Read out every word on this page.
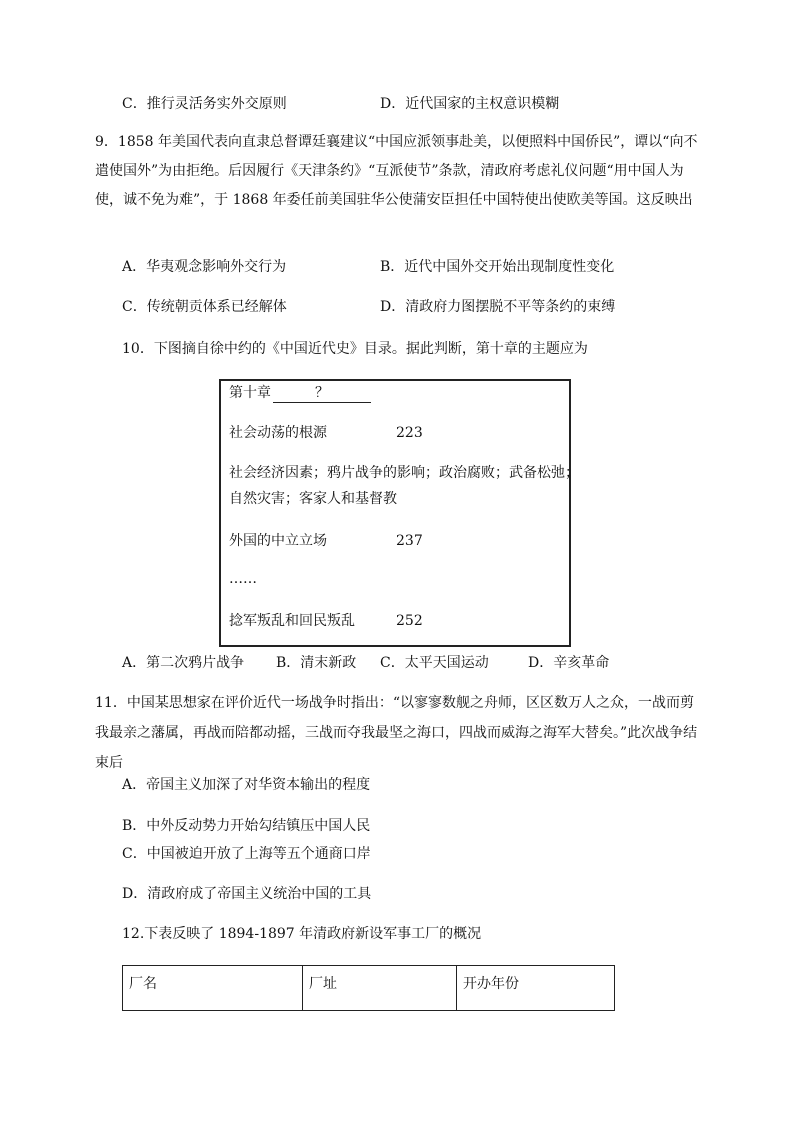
C．推行灵活务实外交原则	D．近代国家的主权意识模糊
9．1858 年美国代表向直隶总督谭廷襄建议“中国应派领事赴美，以便照料中国侨民”，谭以“向不遣使国外”为由拒绝。后因履行《天津条约》“互派使节”条款，清政府考虑礼仪问题“用中国人为使，诚不免为难”，于 1868 年委任前美国驻华公使蒲安臣担任中国特使出使欧美等国。这反映出
A．华夷观念影响外交行为	B．近代中国外交开始出现制度性变化
C．传统朝贡体系已经解体	D．清政府力图摆脱不平等条约的束缚
10．下图摘自徐中约的《中国近代史》目录。据此判断，第十章的主题应为
第十章	？
社会动荡的根源	223
社会经济因素；鸦片战争的影响；政治腐败；武备松弛；
自然灾害；客家人和基督教
外国的中立立场	237
……
捻军叛乱和回民叛乱	252
A．第二次鸦片战争 B．清末新政 C．太平天国运动	D．辛亥革命
11．中国某思想家在评价近代一场战争时指出：“以寥寥数舰之舟师，区区数万人之众，一战而剪我最亲之藩属，再战而陪都动摇，三战而夺我最坚之海口，四战而威海之海军大替矣。”此次战争结束后
A．帝国主义加深了对华资本输出的程度
B．中外反动势力开始勾结镇压中国人民
C．中国被迫开放了上海等五个通商口岸
D．清政府成了帝国主义统治中国的工具
12.下表反映了 1894-1897 年清政府新设军事工厂的概况
厂名	厂址	开办年份
